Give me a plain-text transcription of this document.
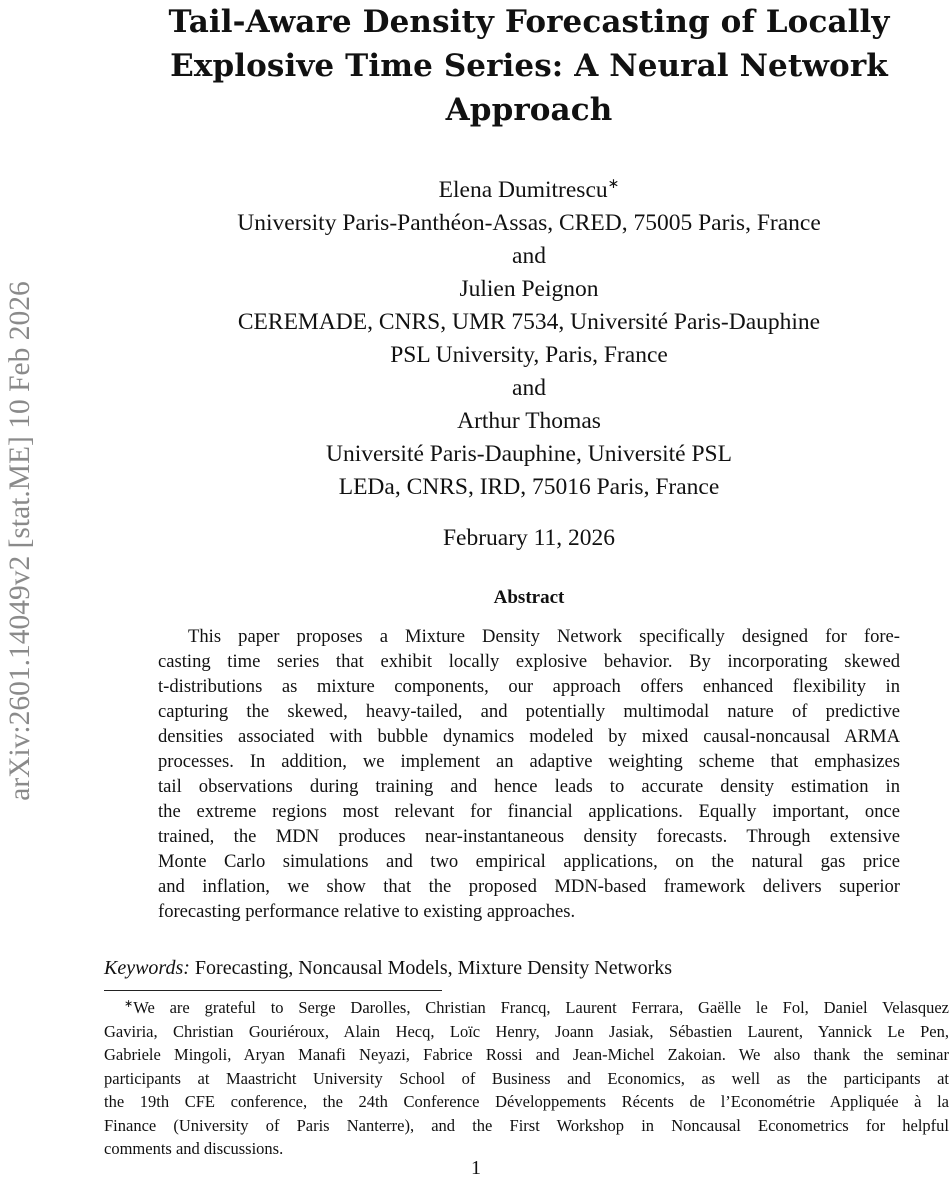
arXiv:2601.14049v2 [stat.ME] 10 Feb 2026
Tail-Aware Density Forecasting of Locally
Explosive Time Series: A Neural Network
Approach
Elena Dumitrescu∗
University Paris-Panthéon-Assas, CRED, 75005 Paris, France
and
Julien Peignon
CEREMADE, CNRS, UMR 7534, Université Paris-Dauphine
PSL University, Paris, France
and
Arthur Thomas
Université Paris-Dauphine, Université PSL
LEDa, CNRS, IRD, 75016 Paris, France
February 11, 2026
Abstract
This paper proposes a Mixture Density Network specifically designed for fore-
casting time series that exhibit locally explosive behavior. By incorporating skewed
t-distributions as mixture components, our approach offers enhanced flexibility in
capturing the skewed, heavy-tailed, and potentially multimodal nature of predictive
densities associated with bubble dynamics modeled by mixed causal-noncausal ARMA
processes. In addition, we implement an adaptive weighting scheme that emphasizes
tail observations during training and hence leads to accurate density estimation in
the extreme regions most relevant for financial applications. Equally important, once
trained, the MDN produces near-instantaneous density forecasts. Through extensive
Monte Carlo simulations and two empirical applications, on the natural gas price
and inflation, we show that the proposed MDN-based framework delivers superior
forecasting performance relative to existing approaches.
Keywords: Forecasting, Noncausal Models, Mixture Density Networks
∗We are grateful to Serge Darolles, Christian Francq, Laurent Ferrara, Gaëlle le Fol, Daniel Velasquez
Gaviria, Christian Gouriéroux, Alain Hecq, Loïc Henry, Joann Jasiak, Sébastien Laurent, Yannick Le Pen,
Gabriele Mingoli, Aryan Manafi Neyazi, Fabrice Rossi and Jean-Michel Zakoian. We also thank the seminar
participants at Maastricht University School of Business and Economics, as well as the participants at
the 19th CFE conference, the 24th Conference Développements Récents de l’Econométrie Appliquée à la
Finance (University of Paris Nanterre), and the First Workshop in Noncausal Econometrics for helpful
comments and discussions.
1
